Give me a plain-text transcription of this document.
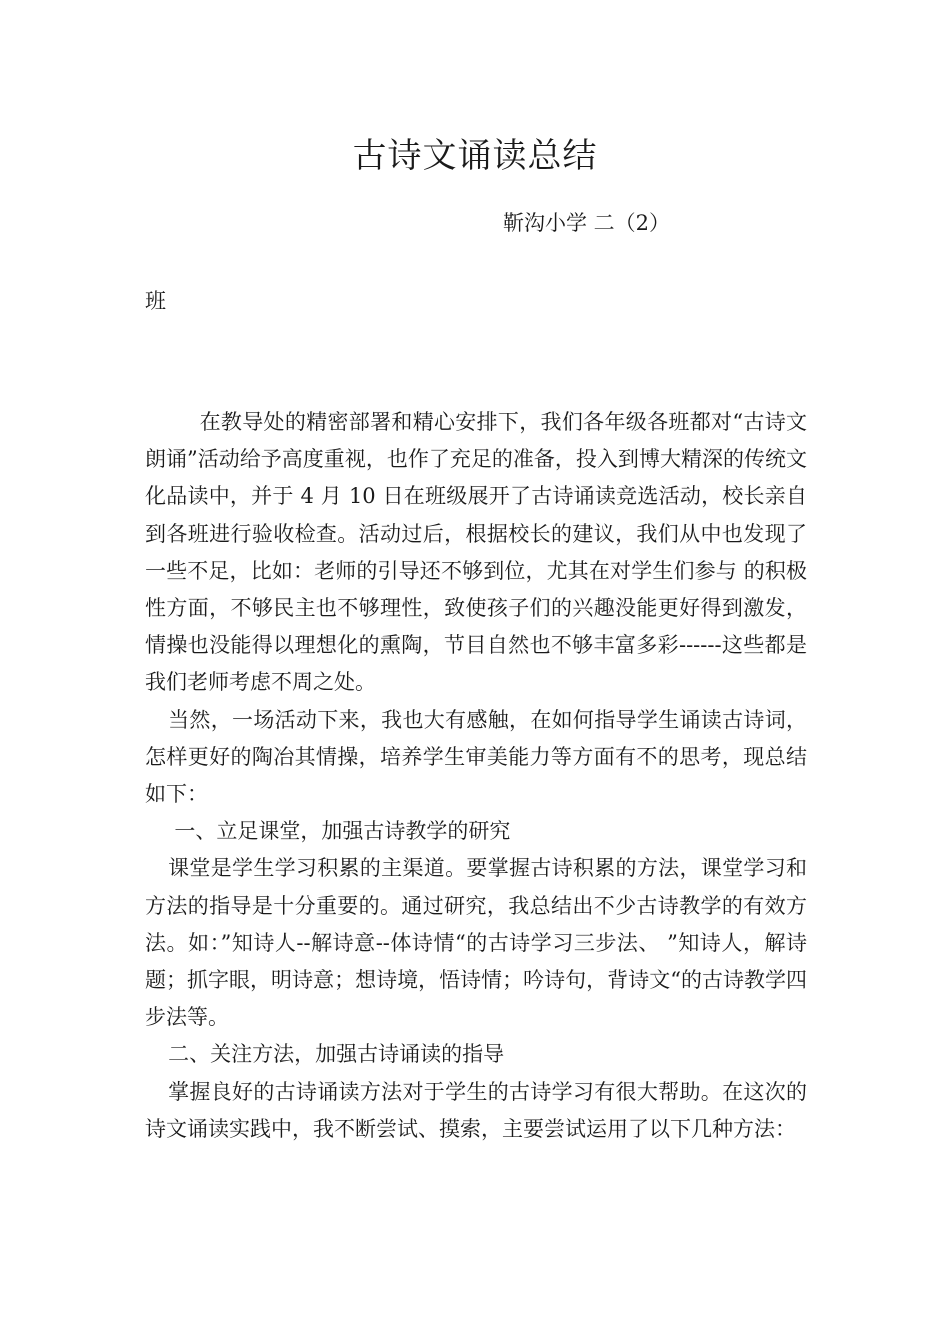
古诗文诵读总结
靳沟小学 二（2）
班

在教导处的精密部署和精心安排下，我们各年级各班都对“古诗文朗诵”活动给予高度重视，也作了充足的准备，投入到博大精深的传统文化品读中，并于 4 月 10 日在班级展开了古诗诵读竞选活动，校长亲自到各班进行验收检查。活动过后，根据校长的建议，我们从中也发现了一些不足，比如：老师的引导还不够到位，尤其在对学生们参与 的积极性方面，不够民主也不够理性，致使孩子们的兴趣没能更好得到激发，情操也没能得以理想化的熏陶，节目自然也不够丰富多彩------这些都是我们老师考虑不周之处。

当然，一场活动下来，我也大有感触，在如何指导学生诵读古诗词，怎样更好的陶冶其情操，培养学生审美能力等方面有不的思考，现总结如下：

一、立足课堂，加强古诗教学的研究

课堂是学生学习积累的主渠道。要掌握古诗积累的方法，课堂学习和方法的指导是十分重要的。通过研究，我总结出不少古诗教学的有效方法。如：”知诗人--解诗意--体诗情“的古诗学习三步法、 ”知诗人，解诗题；抓字眼，明诗意；想诗境，悟诗情；吟诗句，背诗文“的古诗教学四步法等。

二、关注方法，加强古诗诵读的指导

掌握良好的古诗诵读方法对于学生的古诗学习有很大帮助。在这次的诗文诵读实践中，我不断尝试、摸索，主要尝试运用了以下几种方法：
